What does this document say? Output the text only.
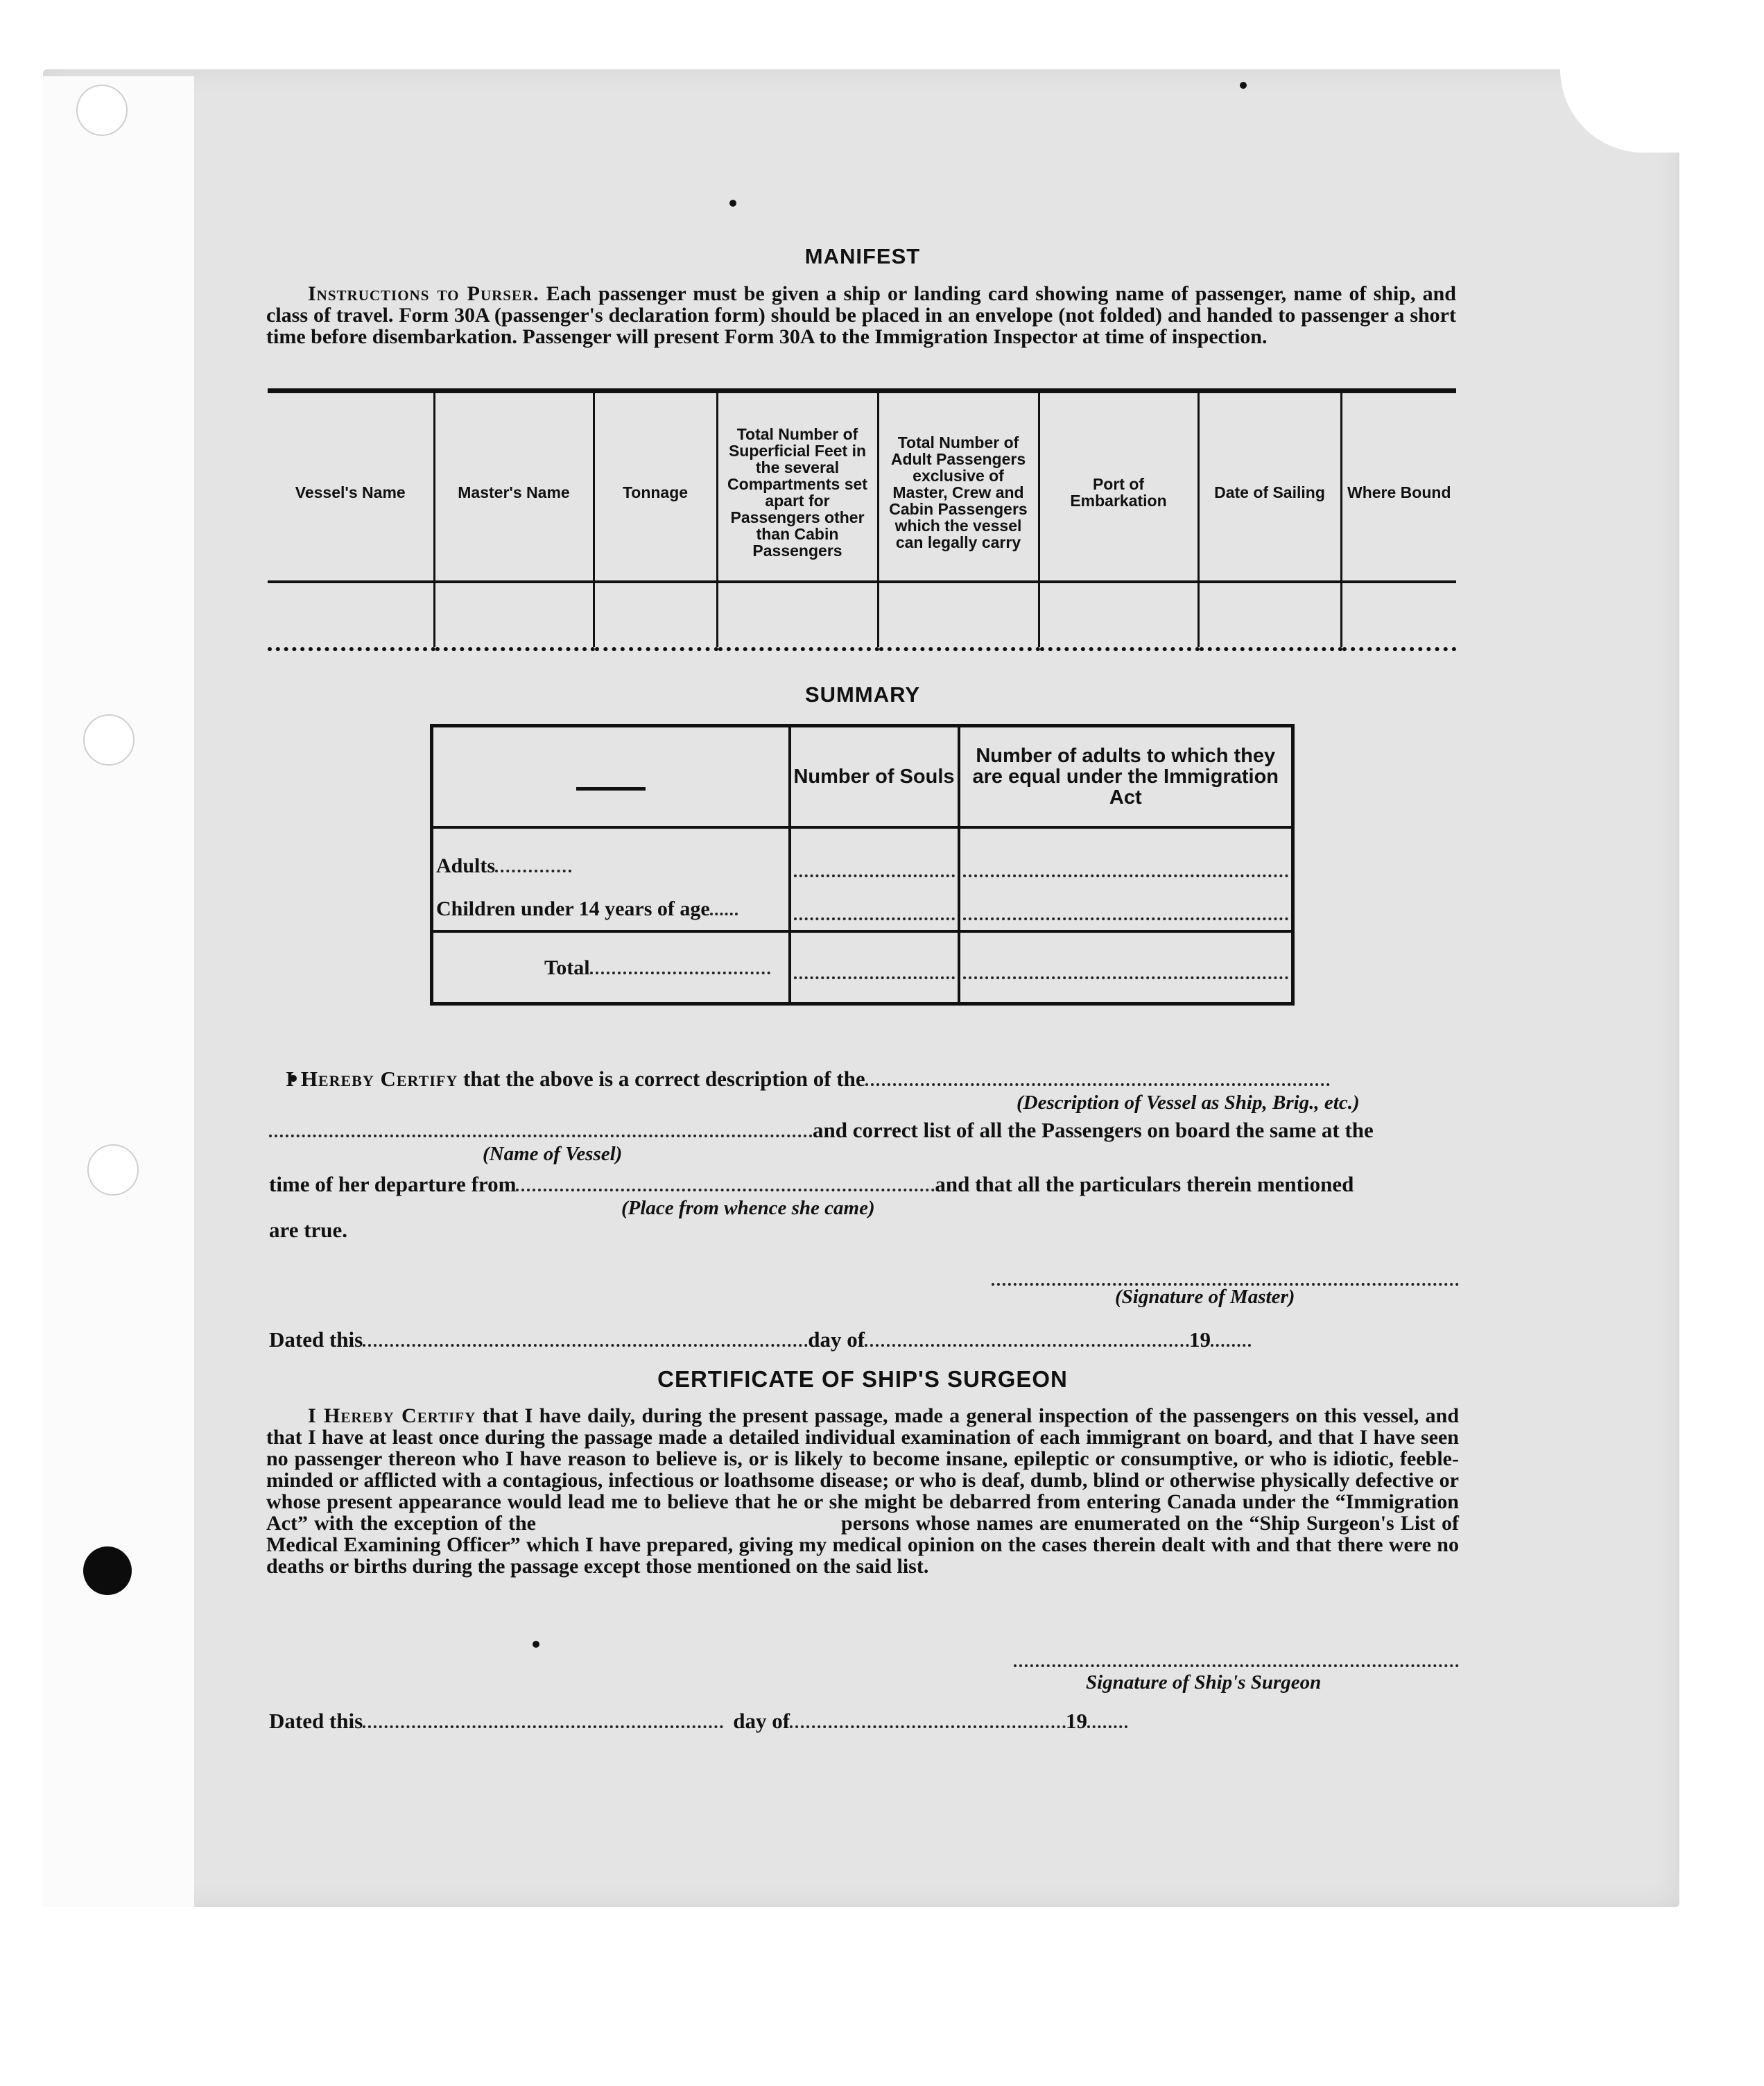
MANIFEST
Instructions to Purser. Each passenger must be given a ship or landing card showing name of passenger, name of ship, and class of travel. Form 30A (passenger's declaration form) should be placed in an envelope (not folded) and handed to passenger a short time before disembarkation. Passenger will present Form 30A to the Immigration Inspector at time of inspection.
Vessel's Name	Master's Name	Tonnage	Total Number of Superficial Feet in the several Compartments set apart for Passengers other than Cabin Passengers	Total Number of Adult Passengers exclusive of Master, Crew and Cabin Passengers which the vessel can legally carry	Port of Embarkation	Date of Sailing	Where Bound

SUMMARY
	Number of Souls	Number of adults to which they are equal under the Immigration Act

Adults	

Children under 14 years of age	

Total	

I Hereby Certify that the above is a correct description of the
(Description of Vessel as Ship, Brig., etc.)
and correct list of all the Passengers on board the same at the
(Name of Vessel)
time of her departure from	and that all the particulars therein mentioned
(Place from whence she came)
are true.
(Signature of Master)
Dated this	day of	19
CERTIFICATE OF SHIP'S SURGEON
I Hereby Certify that I have daily, during the present passage, made a general inspection of the passengers on this vessel, and that I have at least once during the passage made a detailed individual examination of each immigrant on board, and that I have seen no passenger thereon who I have reason to believe is, or is likely to become insane, epileptic or consumptive, or who is idiotic, feeble-minded or afflicted with a contagious, infectious or loathsome disease; or who is deaf, dumb, blind or otherwise physically defective or whose present appearance would lead me to believe that he or she might be debarred from entering Canada under the “Immigration Act” with the exception of the	persons whose names are enumerated on the “Ship Surgeon's List of Medical Examining Officer” which I have prepared, giving my medical opinion on the cases therein dealt with and that there were no deaths or births during the passage except those mentioned on the said list.
Signature of Ship's Surgeon
Dated this	day of	19
